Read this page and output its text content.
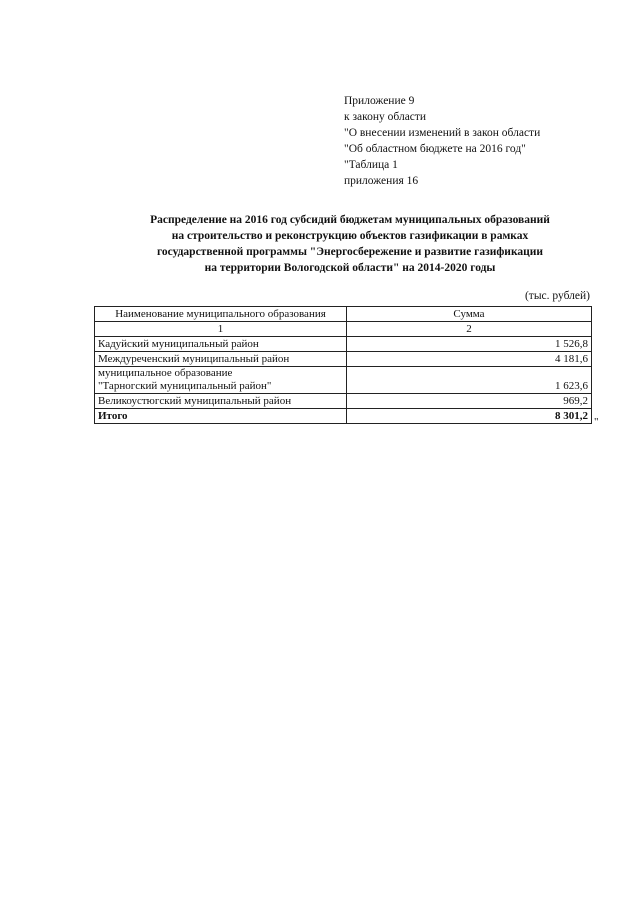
Приложение 9
к закону области
"О внесении изменений в закон области
"Об областном бюджете на 2016 год"
"Таблица 1
приложения 16
Распределение на 2016 год субсидий бюджетам муниципальных образований
на строительство и реконструкцию объектов газификации в рамках
государственной программы "Энергосбережение и развитие газификации
на территории Вологодской области" на 2014-2020 годы
(тыс. рублей)
Наименование муниципального образования	Сумма
1	2
Кадуйский муниципальный район	1 526,8
Междуреченский муниципальный район	4 181,6

муниципальное образование
"Тарногский муниципальный район"	1 623,6
Великоустюгский муниципальный район	969,2
Итого	8 301,2 "
